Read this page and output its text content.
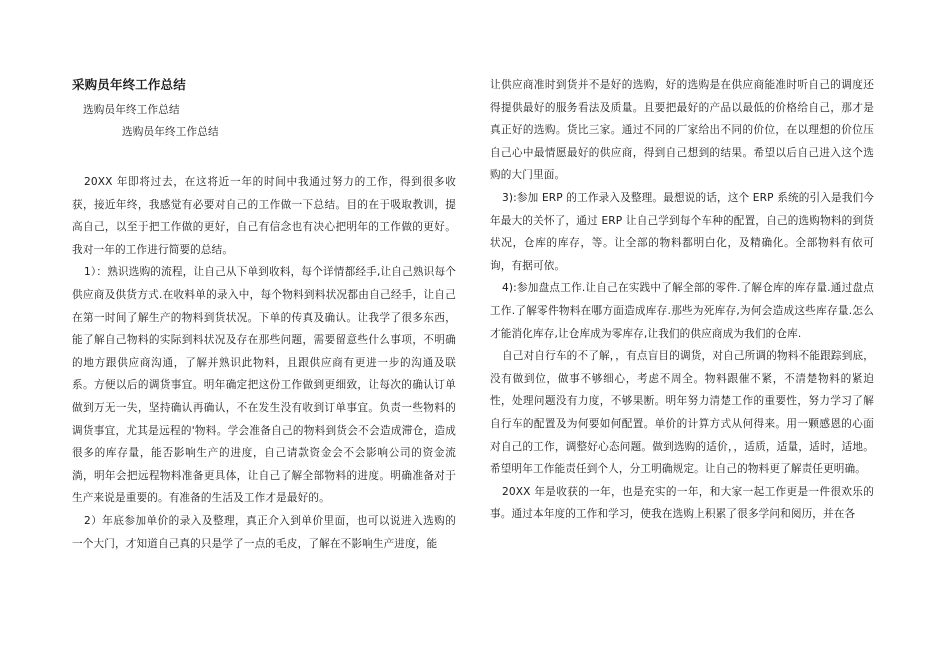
采购员年终工作总结
选购员年终工作总结
选购员年终工作总结

20XX 年即将过去，在这将近一年的时间中我通过努力的工作，得到很多收获，接近年终，我感觉有必要对自己的工作做一下总结。目的在于吸取教训，提高自己，以至于把工作做的更好，自己有信念也有决心把明年的工作做的更好。我对一年的工作进行简要的总结。

1）：熟识选购的流程，让自己从下单到收料，每个详情都经手,让自己熟识每个供应商及供货方式.在收料单的录入中，每个物料到料状况都由自己经手，让自己在第一时间了解生产的物料到货状况。下单的传真及确认。让我学了很多东西，能了解自己物料的实际到料状况及存在那些问题，需要留意些什么事项，不明确的地方跟供应商沟通，了解并熟识此物料，且跟供应商有更进一步的沟通及联系。方便以后的调货事宜。明年确定把这份工作做到更细致，让每次的确认订单做到万无一失，坚持确认再确认，不在发生没有收到订单事宜。负责一些物料的调货事宜，尤其是远程的'物料。学会准备自己的物料到货会不会造成滞仓，造成很多的库存量，能否影响生产的进度，自己请款资金会不会影响公司的资金流淌，明年会把远程物料准备更具体，让自己了解全部物料的进度。明确准备对于生产来说是重要的。有准备的生活及工作才是最好的。

2）年底参加单价的录入及整理，真正介入到单价里面，也可以说进入选购的一个大门，才知道自己真的只是学了一点的毛皮，了解在不影响生产进度，能

让供应商准时到货并不是好的选购，好的选购是在供应商能准时听自己的调度还得提供最好的服务看法及质量。且要把最好的产品以最低的价格给自己，那才是真正好的选购。货比三家。通过不同的厂家给出不同的价位，在以理想的价位压自己心中最情愿最好的供应商，得到自己想到的结果。希望以后自己进入这个选购的大门里面。

3):参加 ERP 的工作录入及整理。最想说的话，这个 ERP 系统的引入是我们今年最大的关怀了，通过 ERP 让自己学到每个车种的配置，自己的选购物料的到货状况，仓库的库存，等。让全部的物料都明白化，及精确化。全部物料有依可询，有据可依。

4):参加盘点工作.让自己在实践中了解全部的零件.了解仓库的库存量.通过盘点工作.了解零件物料在哪方面造成库存.那些为死库存,为何会造成这些库存量.怎么才能消化库存,让仓库成为零库存,让我们的供应商成为我们的仓库.

自己对自行车的不了解，，有点盲目的调货，对自己所调的物料不能跟踪到底，没有做到位，做事不够细心，考虑不周全。物料跟催不紧，不清楚物料的紧迫性，处理问题没有力度，不够果断。明年努力清楚工作的重要性，努力学习了解自行车的配置及为何要如何配置。单价的计算方式从何得来。用一颗感恩的心面对自己的工作，调整好心态问题。做到选购的适价，，适质，适量，适时，适地。希望明年工作能责任到个人，分工明确规定。让自己的物料更了解责任更明确。

20XX 年是收获的一年，也是充实的一年，和大家一起工作更是一件很欢乐的事。通过本年度的工作和学习，使我在选购上积累了很多学问和阅历，并在各
